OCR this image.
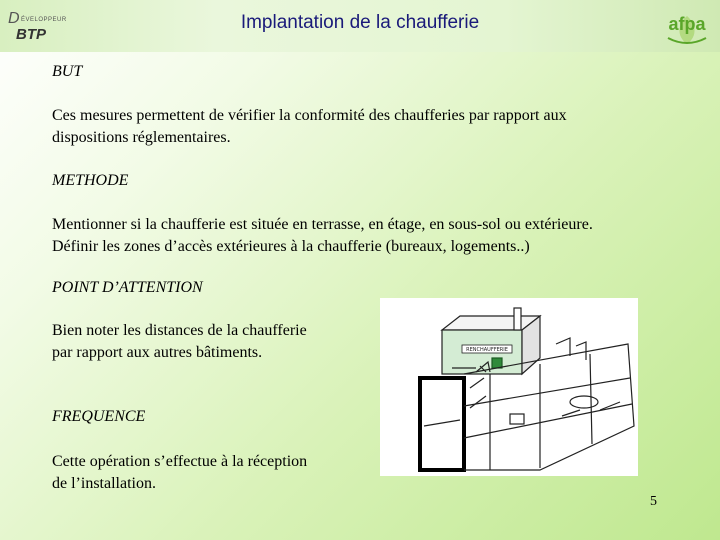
D ÉVELOPPEUR
BTP
Implantation de la chaufferie	afpa
BUT
Ces mesures permettent de vérifier la conformité des chaufferies par rapport aux
dispositions réglementaires.
METHODE
Mentionner si la chaufferie est située en terrasse, en étage, en sous-sol ou extérieure.
Définir les zones d’accès extérieures à la chaufferie (bureaux, logements..)
POINT D’ATTENTION
Bien noter les distances de la chaufferie
par rapport aux autres bâtiments.
FREQUENCE
Cette opération s’effectue à la réception
de l’installation.
RENCHAUFFERIE
5
